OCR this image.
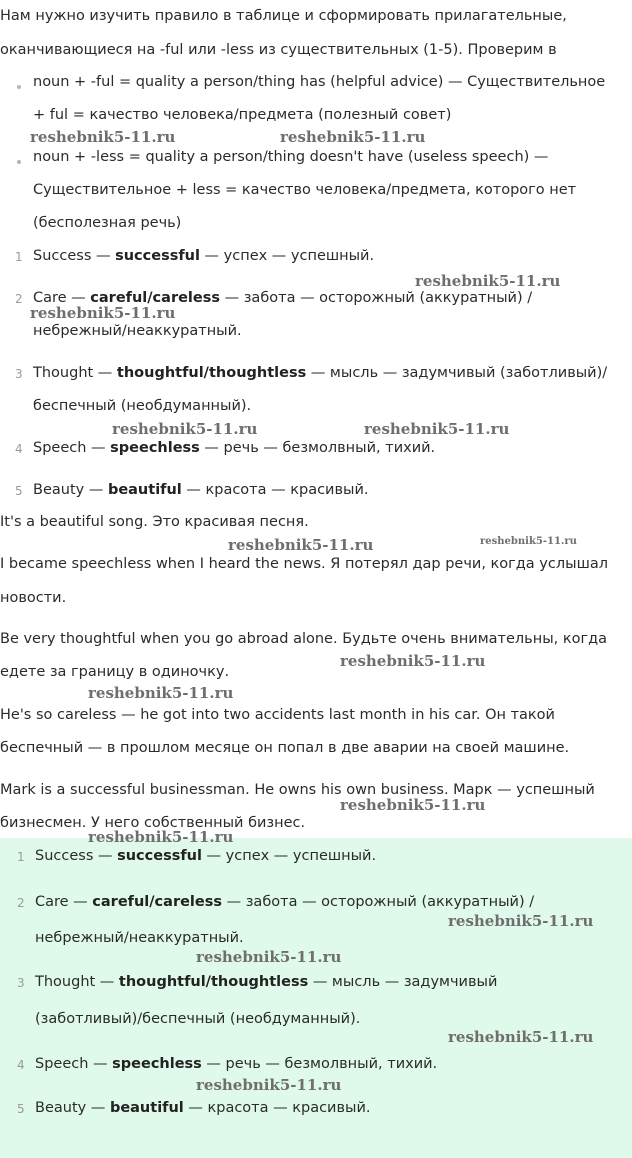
Нам нужно изучить правило в таблице и сформировать прилагательные,
оканчивающиеся на -ful или -less из существительных (1-5). Проверим в
noun + -ful = quality a person/thing has (helpful advice) — Существительное
+ ful = качество человека/предмета (полезный совет)
noun + -less = quality a person/thing doesn't have (useless speech) —
Существительное + less = качество человека/предмета, которого нет
(бесполезная речь)
1 Success — successful — успех — успешный.
2 Care — careful/careless — забота — осторожный (аккуратный) /
небрежный/неаккуратный.
3 Thought — thoughtful/thoughtless — мысль — задумчивый (заботливый)/
беспечный (необдуманный).
4 Speech — speechless — речь — безмолвный, тихий.
5 Beauty — beautiful — красота — красивый.
It's a beautiful song. Это красивая песня.
I became speechless when I heard the news. Я потерял дар речи, когда услышал
новости.
Be very thoughtful when you go abroad alone. Будьте очень внимательны, когда
едете за границу в одиночку.
He's so careless — he got into two accidents last month in his car. Он такой
беспечный — в прошлом месяце он попал в две аварии на своей машине.
Mark is a successful businessman. He owns his own business. Марк — успешный
бизнесмен. У него собственный бизнес.
1 Success — successful — успех — успешный.
2 Care — careful/careless — забота — осторожный (аккуратный) /
небрежный/неаккуратный.
3 Thought — thoughtful/thoughtless — мысль — задумчивый
(заботливый)/беспечный (необдуманный).
4 Speech — speechless — речь — безмолвный, тихий.
5 Beauty — beautiful — красота — красивый.
reshebnik5-11.ru	reshebnik5-11.ru
reshebnik5-11.ru
reshebnik5-11.ru
reshebnik5-11.ru	reshebnik5-11.ru
reshebnik5-11.ru	reshebnik5-11.ru
reshebnik5-11.ru
reshebnik5-11.ru
reshebnik5-11.ru
reshebnik5-11.ru
reshebnik5-11.ru
reshebnik5-11.ru
reshebnik5-11.ru
reshebnik5-11.ru
